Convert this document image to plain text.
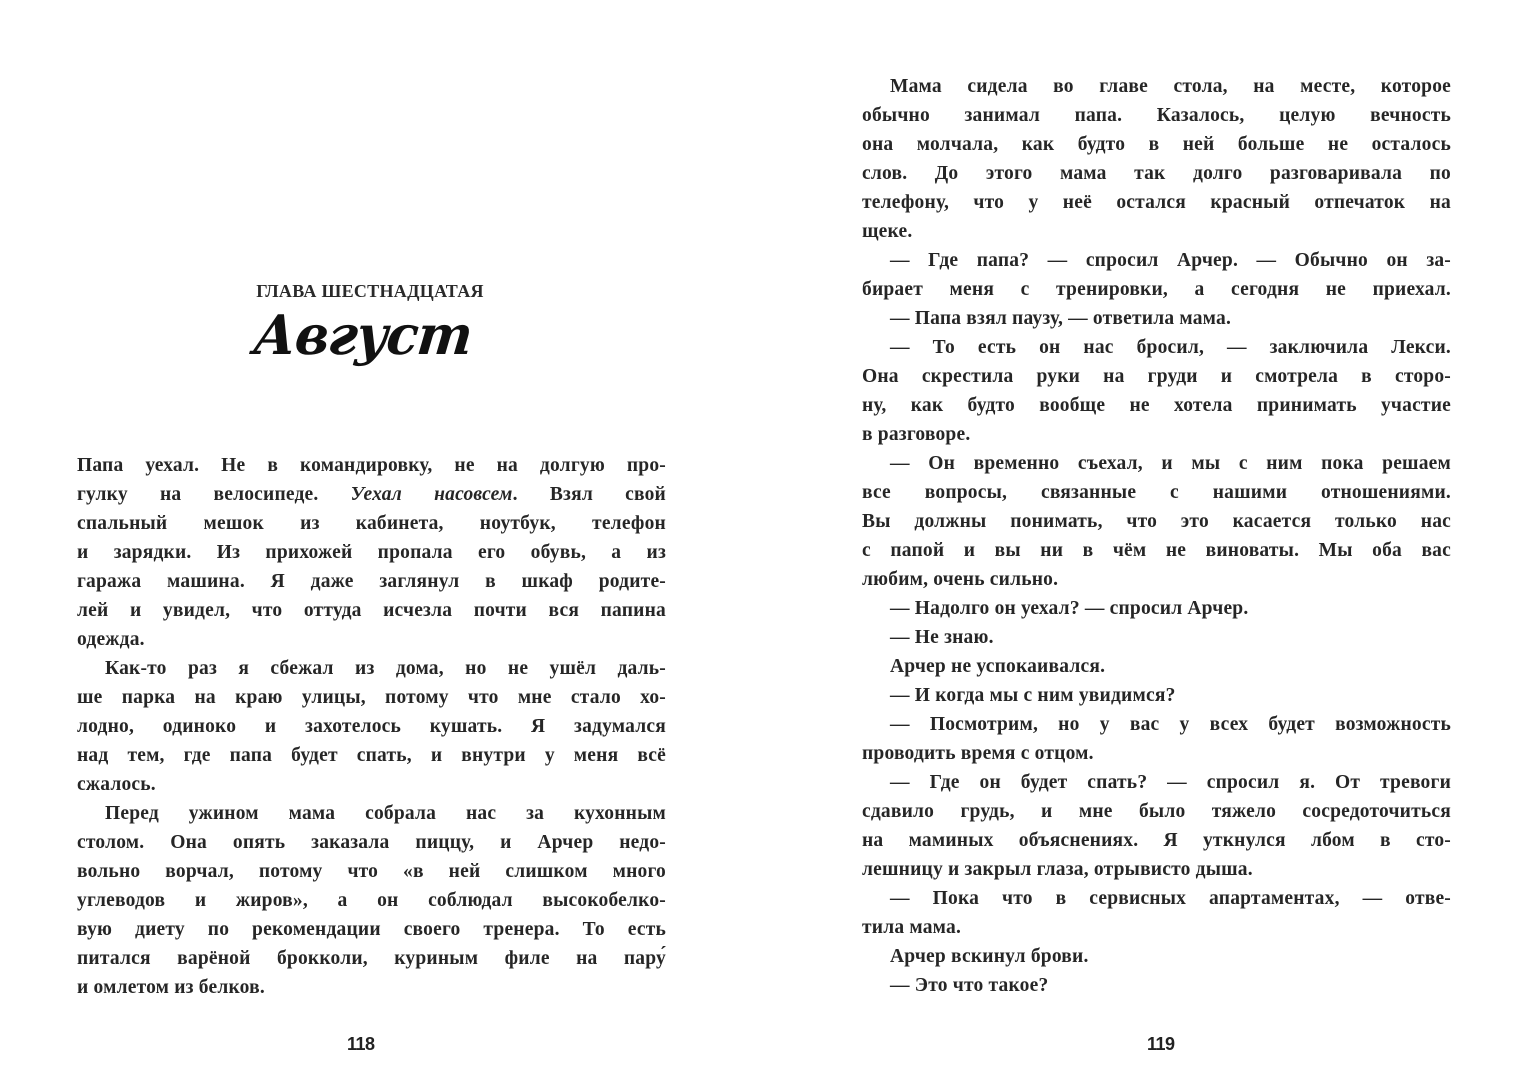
ГЛАВА ШЕСТНАДЦАТАЯ
Август
Папа уехал. Не в командировку, не на долгую про-
гулку на велосипеде. Уехал насовсем. Взял свой
спальный мешок из кабинета, ноутбук, телефон
и зарядки. Из прихожей пропала его обувь, а из
гаража машина. Я даже заглянул в шкаф родите-
лей и увидел, что оттуда исчезла почти вся папина
одежда.
Как-то раз я сбежал из дома, но не ушёл даль-
ше парка на краю улицы, потому что мне стало хо-
лодно, одиноко и захотелось кушать. Я задумался
над тем, где папа будет спать, и внутри у меня всё
сжалось.
Перед ужином мама собрала нас за кухонным
столом. Она опять заказала пиццу, и Арчер недо-
вольно ворчал, потому что «в ней слишком много
углеводов и жиров», а он соблюдал высокобелко-
вую диету по рекомендации своего тренера. То есть
питался варёной брокколи, куриным филе на пару́
и омлетом из белков.
118
Мама сидела во главе стола, на месте, которое
обычно занимал папа. Казалось, целую вечность
она молчала, как будто в ней больше не осталось
слов. До этого мама так долго разговаривала по
телефону, что у неё остался красный отпечаток на
щеке.
— Где папа? — спросил Арчер. — Обычно он за-
бирает меня с тренировки, а сегодня не приехал.
— Папа взял паузу, — ответила мама.
— То есть он нас бросил, — заключила Лекси.
Она скрестила руки на груди и смотрела в сторо-
ну, как будто вообще не хотела принимать участие
в разговоре.
— Он временно съехал, и мы с ним пока решаем
все вопросы, связанные с нашими отношениями.
Вы должны понимать, что это касается только нас
с папой и вы ни в чём не виноваты. Мы оба вас
любим, очень сильно.
— Надолго он уехал? — спросил Арчер.
— Не знаю.
Арчер не успокаивался.
— И когда мы с ним увидимся?
— Посмотрим, но у вас у всех будет возможность
проводить время с отцом.
— Где он будет спать? — спросил я. От тревоги
сдавило грудь, и мне было тяжело сосредоточиться
на маминых объяснениях. Я уткнулся лбом в сто-
лешницу и закрыл глаза, отрывисто дыша.
— Пока что в сервисных апартаментах, — отве-
тила мама.
Арчер вскинул брови.
— Это что такое?
119
